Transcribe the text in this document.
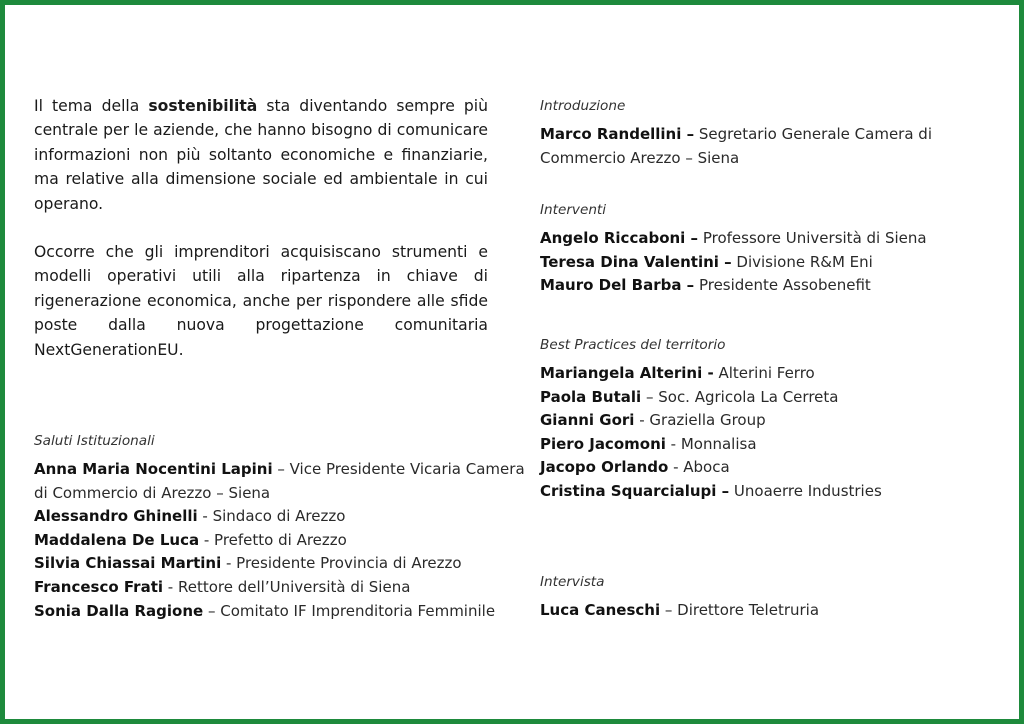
Il tema della sostenibilità sta diventando sempre più centrale per le aziende, che hanno bisogno di comunicare informazioni non più soltanto economiche e finanziarie, ma relative alla dimensione sociale ed ambientale in cui operano.

Occorre che gli imprenditori acquisiscano strumenti e modelli operativi utili alla ripartenza in chiave di rigenerazione economica, anche per rispondere alle sfide poste dalla nuova progettazione comunitaria NextGenerationEU.

Saluti Istituzionali
Anna Maria Nocentini Lapini – Vice Presidente Vicaria Camera di Commercio di Arezzo – Siena
Alessandro Ghinelli - Sindaco di Arezzo
Maddalena De Luca - Prefetto di Arezzo
Silvia Chiassai Martini - Presidente Provincia di Arezzo
Francesco Frati - Rettore dell’Università di Siena
Sonia Dalla Ragione – Comitato IF Imprenditoria Femminile
Introduzione
Marco Randellini – Segretario Generale Camera di Commercio Arezzo – Siena
Interventi
Angelo Riccaboni – Professore Università di Siena
Teresa Dina Valentini – Divisione R&M Eni
Mauro Del Barba – Presidente Assobenefit
Best Practices del territorio
Mariangela Alterini - Alterini Ferro
Paola Butali – Soc. Agricola La Cerreta
Gianni Gori - Graziella Group
Piero Jacomoni - Monnalisa
Jacopo Orlando - Aboca
Cristina Squarcialupi – Unoaerre Industries
Intervista
Luca Caneschi – Direttore Teletruria
